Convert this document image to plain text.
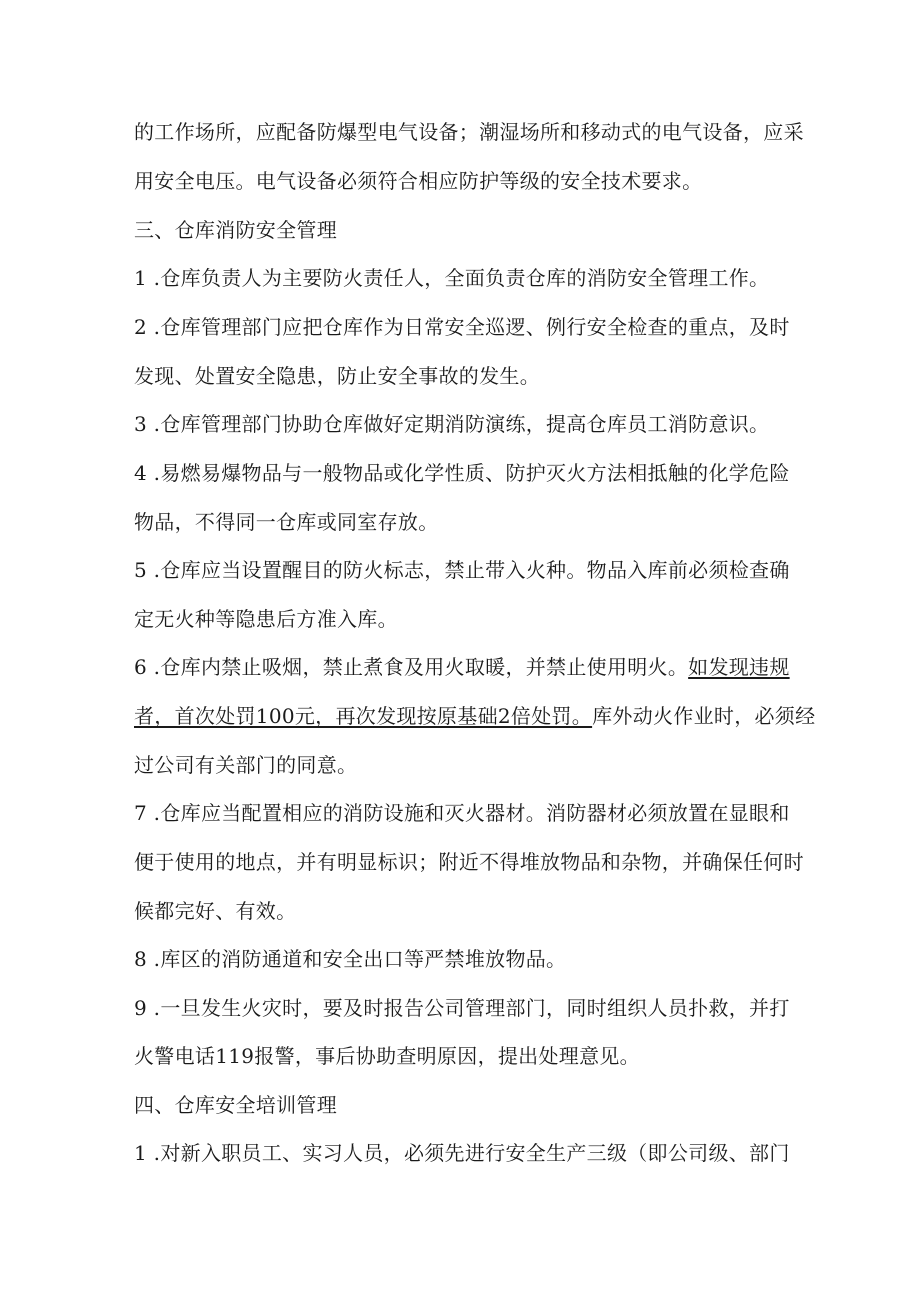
的工作场所，应配备防爆型电气设备；潮湿场所和移动式的电气设备，应采
用安全电压。电气设备必须符合相应防护等级的安全技术要求。
三、仓库消防安全管理
1 .仓库负责人为主要防火责任人，全面负责仓库的消防安全管理工作。
2 .仓库管理部门应把仓库作为日常安全巡逻、例行安全检查的重点，及时
发现、处置安全隐患，防止安全事故的发生。
3 .仓库管理部门协助仓库做好定期消防演练，提高仓库员工消防意识。
4 .易燃易爆物品与一般物品或化学性质、防护灭火方法相抵触的化学危险
物品，不得同一仓库或同室存放。
5 .仓库应当设置醒目的防火标志，禁止带入火种。物品入库前必须检查确
定无火种等隐患后方准入库。
6 .仓库内禁止吸烟，禁止煮食及用火取暖，并禁止使用明火。如发现违规
者，首次处罚100元，再次发现按原基础2倍处罚。库外动火作业时，必须经
过公司有关部门的同意。
7 .仓库应当配置相应的消防设施和灭火器材。消防器材必须放置在显眼和
便于使用的地点，并有明显标识；附近不得堆放物品和杂物，并确保任何时
候都完好、有效。
8 .库区的消防通道和安全出口等严禁堆放物品。
9 .一旦发生火灾时，要及时报告公司管理部门，同时组织人员扑救，并打
火警电话119报警，事后协助查明原因，提出处理意见。
四、仓库安全培训管理
1 .对新入职员工、实习人员，必须先进行安全生产三级（即公司级、部门
